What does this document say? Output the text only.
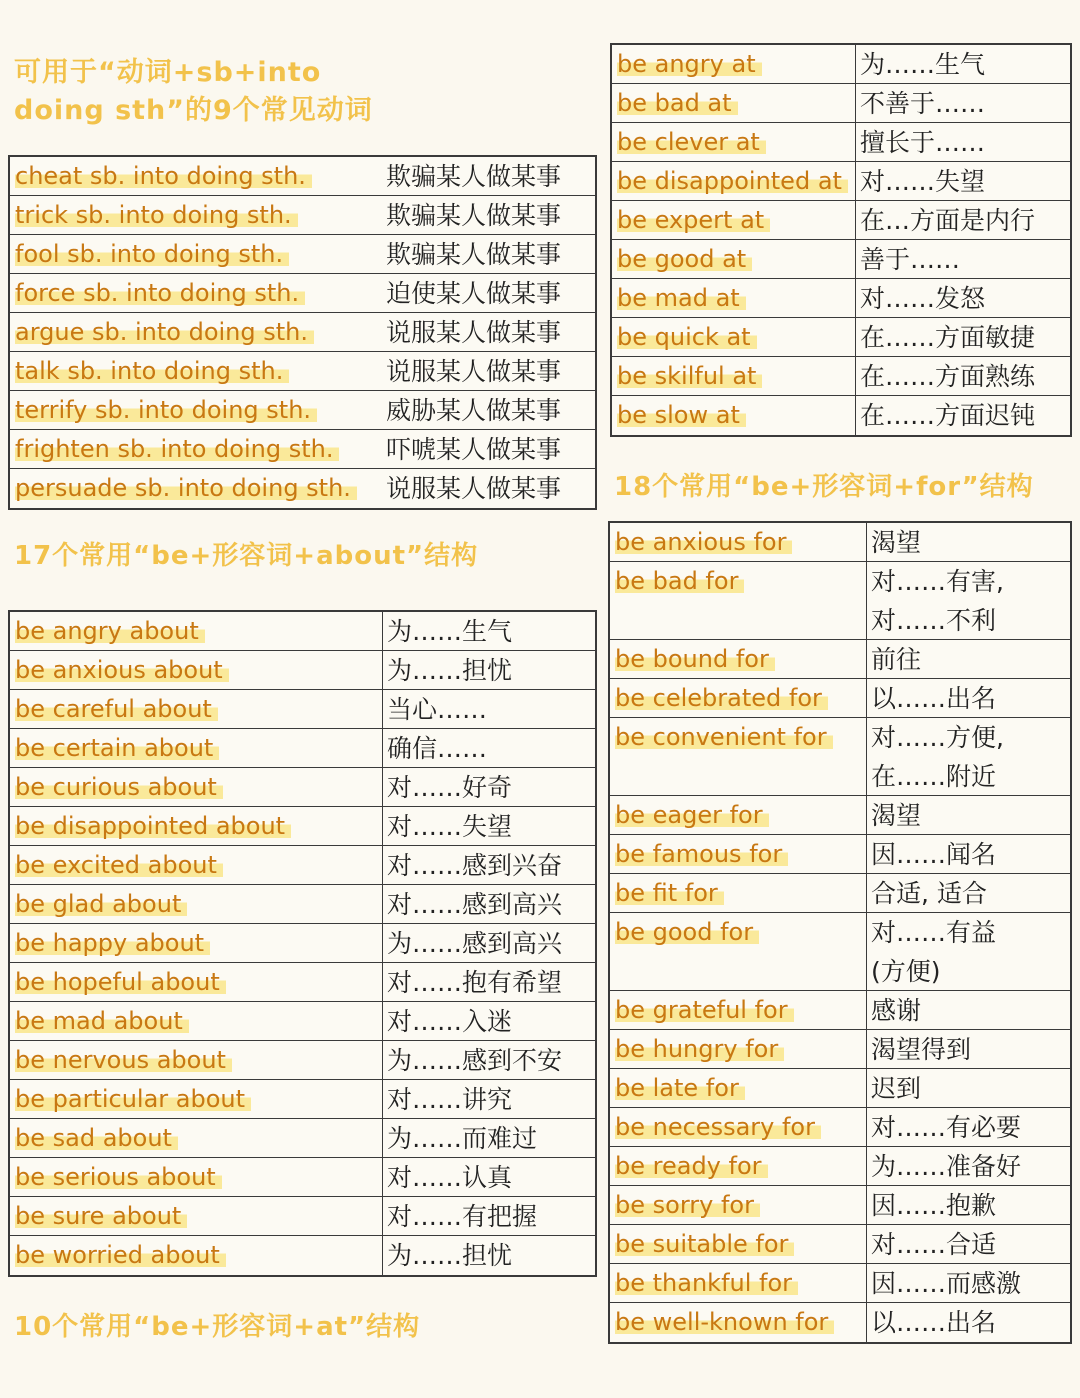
可用于“动词+sb+into doing sth”的9个常见动词
cheat sb. into doing sth.	欺骗某人做某事
trick sb. into doing sth.	欺骗某人做某事
fool sb. into doing sth.	欺骗某人做某事
force sb. into doing sth.	迫使某人做某事
argue sb. into doing sth.	说服某人做某事
talk sb. into doing sth.	说服某人做某事
terrify sb. into doing sth.	威胁某人做某事
frighten sb. into doing sth.	吓唬某人做某事
persuade sb. into doing sth.	说服某人做某事
17个常用“be+形容词+about”结构
be angry about	为……生气
be anxious about	为……担忧
be careful about	当心……
be certain about	确信……
be curious about	对……好奇
be disappointed about	对……失望
be excited about	对……感到兴奋
be glad about	对……感到高兴
be happy about	为……感到高兴
be hopeful about	对……抱有希望
be mad about	对……入迷
be nervous about	为……感到不安
be particular about	对……讲究
be sad about	为……而难过
be serious about	对……认真
be sure about	对……有把握
be worried about	为……担忧
10个常用“be+形容词+at”结构
be angry at	为……生气
be bad at	不善于……
be clever at	擅长于……
be disappointed at 对……失望
be expert at	在…方面是内行
be good at	善于……
be mad at	对……发怒
be quick at	在……方面敏捷
be skilful at	在……方面熟练
be slow at	在……方面迟钝
18个常用“be+形容词+for”结构
be anxious for	渴望
be bad for	对……有害,
对……不利
be bound for	前往
be celebrated for	以……出名
be convenient for	对……方便,
在……附近
be eager for	渴望
be famous for	因……闻名
be fit for	合适, 适合
be good for	对……有益
(方便)
be grateful for	感谢
be hungry for	渴望得到
be late for	迟到
be necessary for	对……有必要
be ready for	为……准备好
be sorry for	因……抱歉
be suitable for	对……合适
be thankful for	因……而感激
be well-known for	以……出名
